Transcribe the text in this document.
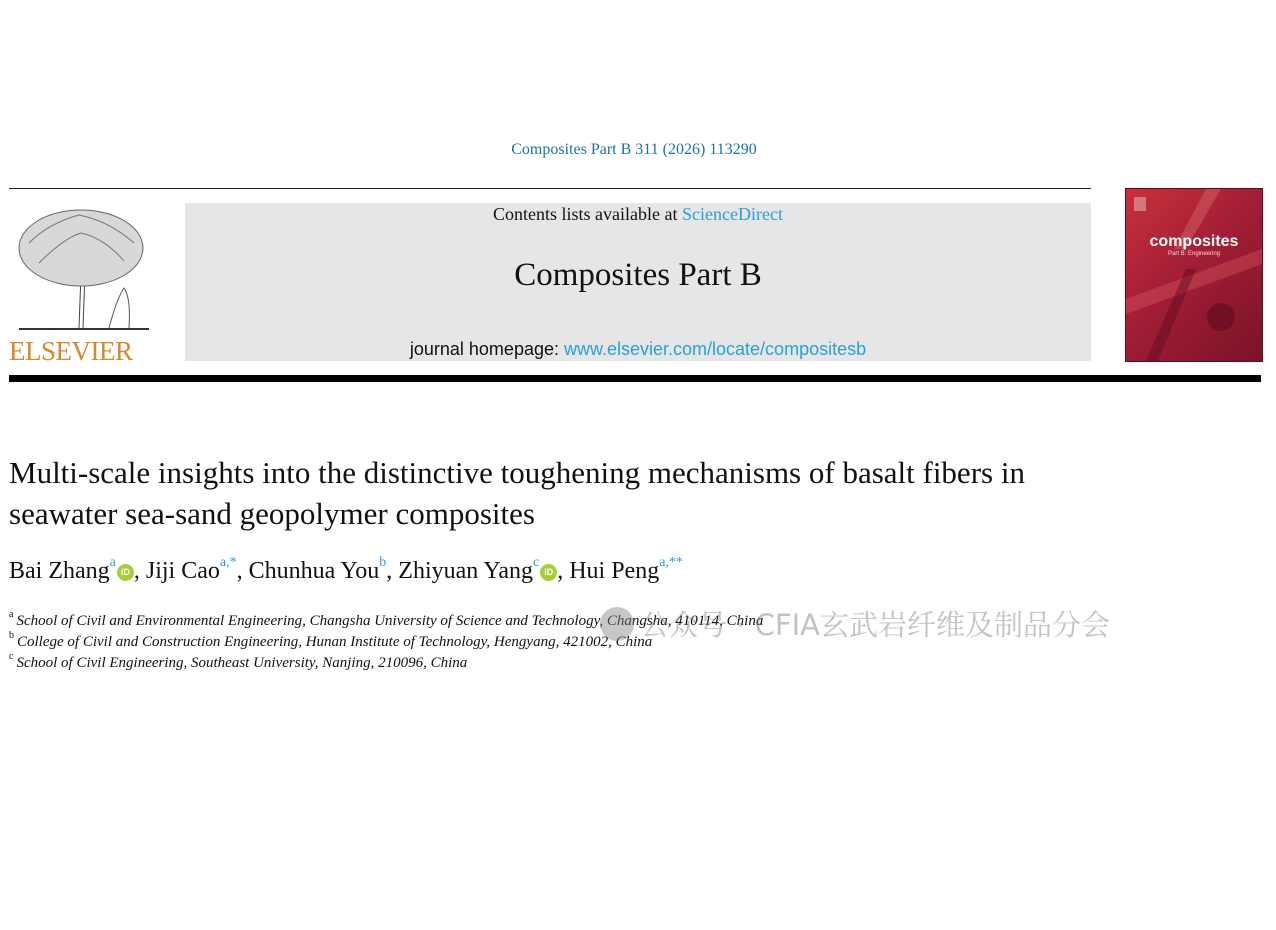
Composites Part B 311 (2026) 113290
ELSEVIER
Contents lists available at ScienceDirect
Composites Part B
journal homepage: www.elsevier.com/locate/compositesb
composites
Part B: Engineering
Multi-scale insights into the distinctive toughening mechanisms of basalt fibers in seawater sea-sand geopolymer composites
Bai Zhang$^a$iD , Jiji Cao$^{a,*}$, Chunhua You$^b$, Zhiyuan Yang$^c$iD , Hui Peng$^{a,**}$
$^a$ School of Civil and Environmental Engineering, Changsha University of Science and Technology, Changsha, 410114, China
$^b$ College of Civil and Construction Engineering, Hunan Institute of Technology, Hengyang, 421002, China
$^c$ School of Civil Engineering, Southeast University, Nanjing, 210096, China
公众号 · CFIA玄武岩纤维及制品分会
